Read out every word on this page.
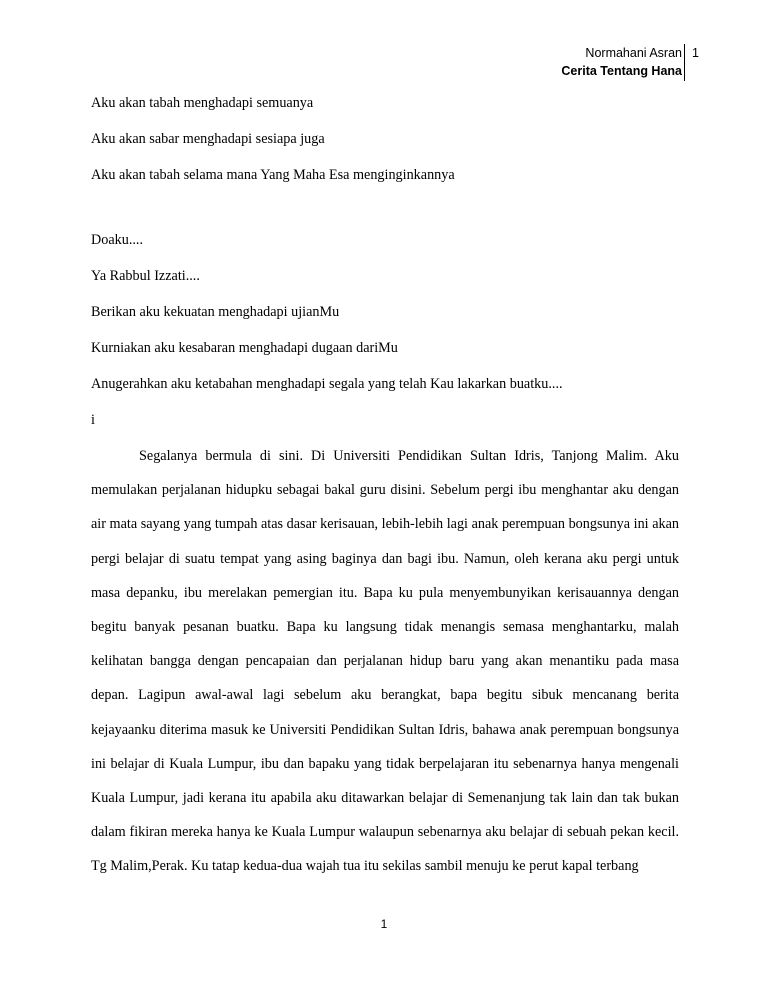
Normahani Asran
Cerita Tentang Hana
1

Aku akan tabah menghadapi semuanya

Aku akan sabar menghadapi sesiapa juga

Aku akan tabah selama mana Yang Maha Esa menginginkannya

Doaku....

Ya Rabbul Izzati....

Berikan aku kekuatan menghadapi ujianMu

Kurniakan aku kesabaran menghadapi dugaan dariMu

Anugerahkan aku ketabahan menghadapi segala yang telah Kau lakarkan buatku....

i

Segalanya bermula di sini. Di Universiti Pendidikan Sultan Idris, Tanjong Malim. Aku memulakan perjalanan hidupku sebagai bakal guru disini. Sebelum pergi ibu menghantar aku dengan air mata sayang yang tumpah atas dasar kerisauan, lebih-lebih lagi anak perempuan bongsunya ini akan pergi belajar di suatu tempat yang asing baginya dan bagi ibu. Namun, oleh kerana aku pergi untuk masa depanku, ibu merelakan pemergian itu. Bapa ku pula menyembunyikan kerisauannya dengan begitu banyak pesanan buatku. Bapa ku langsung tidak menangis semasa menghantarku, malah kelihatan bangga dengan pencapaian dan perjalanan hidup baru yang akan menantiku pada masa depan. Lagipun awal-awal lagi sebelum aku berangkat, bapa begitu sibuk mencanang berita kejayaanku diterima masuk ke Universiti Pendidikan Sultan Idris, bahawa anak perempuan bongsunya ini belajar di Kuala Lumpur, ibu dan bapaku yang tidak berpelajaran itu sebenarnya hanya mengenali Kuala Lumpur, jadi kerana itu apabila aku ditawarkan belajar di Semenanjung tak lain dan tak bukan dalam fikiran mereka hanya ke Kuala Lumpur walaupun sebenarnya aku belajar di sebuah pekan kecil. Tg Malim,Perak. Ku tatap kedua-dua wajah tua itu sekilas sambil menuju ke perut kapal terbang

1
